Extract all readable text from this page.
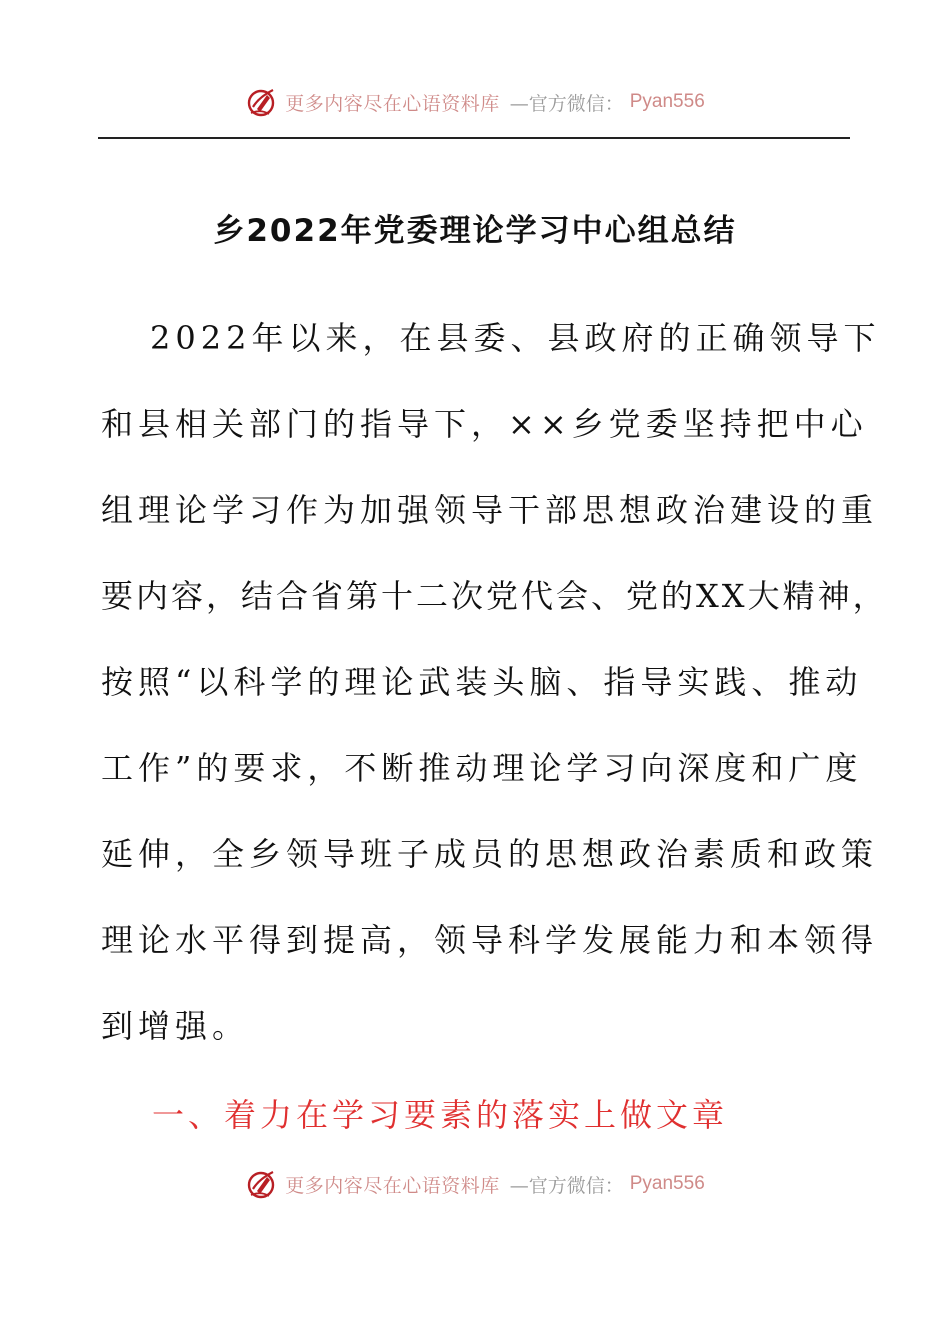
更多内容尽在心语资料库 —官方微信： Pyan556
乡2022年党委理论学习中心组总结
2022年以来，在县委、县政府的正确领导下
和县相关部门的指导下，××乡党委坚持把中心
组理论学习作为加强领导干部思想政治建设的重
要内容，结合省第十二次党代会、党的XX大精神，
按照“以科学的理论武装头脑、指导实践、推动
工作”的要求，不断推动理论学习向深度和广度
延伸，全乡领导班子成员的思想政治素质和政策
理论水平得到提高，领导科学发展能力和本领得
到增强。
一、着力在学习要素的落实上做文章
更多内容尽在心语资料库 —官方微信： Pyan556
